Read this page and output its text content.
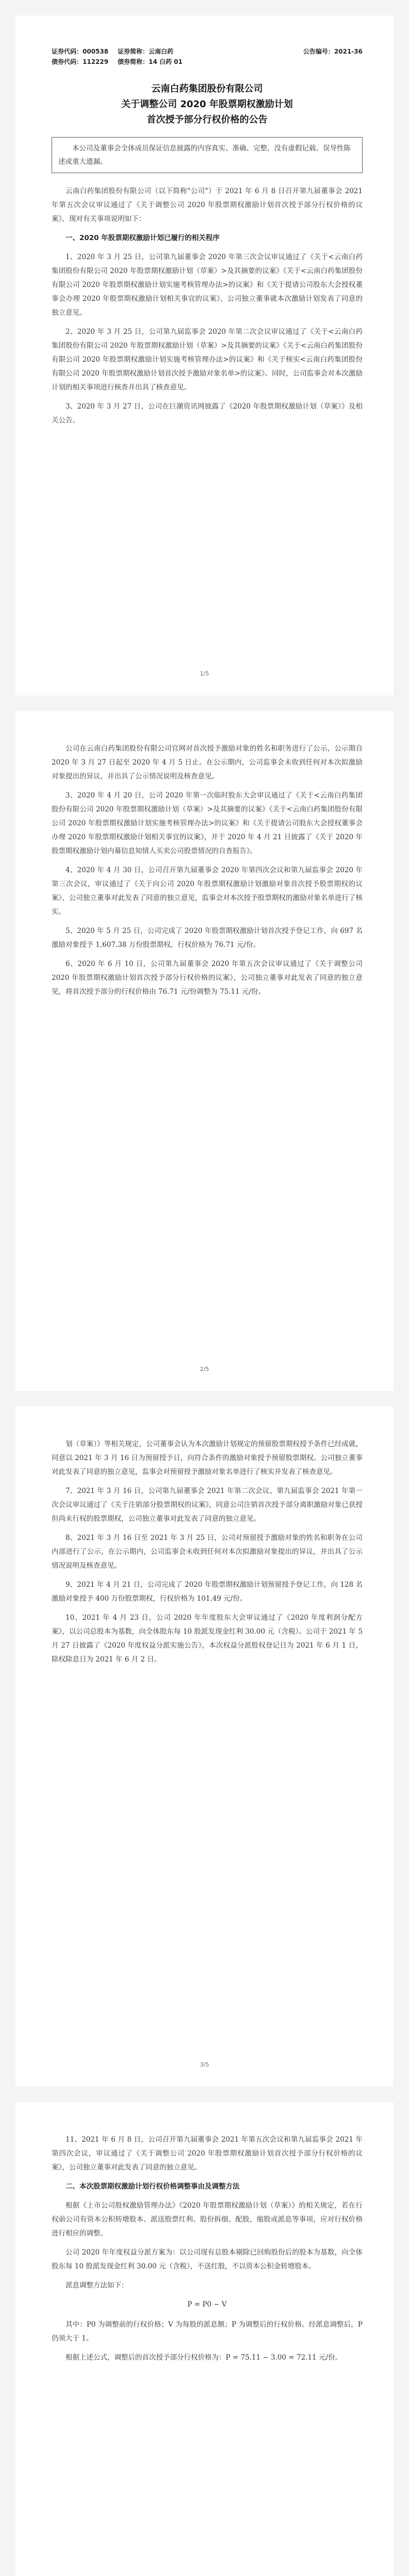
证券代码：000538 证券简称：云南白药	公告编号：2021-36
债券代码：112229 债券简称：14 白药 01
云南白药集团股份有限公司
关于调整公司 2020 年股票期权激励计划
首次授予部分行权价格的公告
本公司及董事会全体成员保证信息披露的内容真实、准确、完整，没有虚假记载、误导性陈述或重大遗漏。

云南白药集团股份有限公司（以下简称"公司"）于 2021 年 6 月 8 日召开第九届董事会 2021 年第五次会议审议通过了《关于调整公司 2020 年股票期权激励计划首次授予部分行权价格的议案》，现对有关事项说明如下：

一、2020 年股票期权激励计划已履行的相关程序

1、2020 年 3 月 25 日，公司第九届董事会 2020 年第三次会议审议通过了《关于<云南白药集团股份有限公司 2020 年股票期权激励计划（草案）>及其摘要的议案》《关于<云南白药集团股份有限公司 2020 年股票期权激励计划实施考核管理办法>的议案》和《关于提请公司股东大会授权董事会办理 2020 年股票期权激励计划相关事宜的议案》，公司独立董事就本次激励计划发表了同意的独立意见。

2、2020 年 3 月 25 日，公司第九届监事会 2020 年第二次会议审议通过了《关于<云南白药集团股份有限公司 2020 年股票期权激励计划（草案）>及其摘要的议案》《关于<云南白药集团股份有限公司 2020 年股票期权激励计划实施考核管理办法>的议案》和《关于核实<云南白药集团股份有限公司 2020 年股票期权激励计划首次授予激励对象名单>的议案》。同时，公司监事会对本次激励计划的相关事项进行核查并出具了核查意见。

3、2020 年 3 月 27 日，公司在巨潮资讯网披露了《2020 年股票期权激励计划（草案）》及相关公告。

1/5

公司在云南白药集团股份有限公司官网对首次授予激励对象的姓名和职务进行了公示，公示期自 2020 年 3 月 27 日起至 2020 年 4 月 5 日止。在公示期内，公司监事会未收到任何对本次拟激励对象提出的异议，并出具了公示情况说明及核查意见。

3、2020 年 4 月 20 日，公司 2020 年第一次临时股东大会审议通过了《关于<云南白药集团股份有限公司 2020 年股票期权激励计划（草案）>及其摘要的议案》《关于<云南白药集团股份有限公司 2020 年股票期权激励计划实施考核管理办法>的议案》和《关于提请公司股东大会授权董事会办理 2020 年股票期权激励计划相关事宜的议案》，并于 2020 年 4 月 21 日披露了《关于 2020 年股票期权激励计划内幕信息知情人买卖公司股票情况的自查报告》。

4、2020 年 4 月 30 日，公司召开第九届董事会 2020 年第四次会议和第九届监事会 2020 年第三次会议，审议通过了《关于向公司 2020 年股票期权激励计划激励对象首次授予股票期权的议案》，公司独立董事对此发表了同意的独立意见，监事会对本次授予股票期权的激励对象名单进行了核实。

5、2020 年 5 月 25 日，公司完成了 2020 年股票期权激励计划首次授予登记工作，向 697 名激励对象授予 1,607.38 万份股票期权，行权价格为 76.71 元/份。

6、2020 年 6 月 10 日，公司第九届董事会 2020 年第五次会议审议通过了《关于调整公司 2020 年股票期权激励计划首次授予部分行权价格的议案》，公司独立董事对此发表了同意的独立意见，将首次授予部分的行权价格由 76.71 元/份调整为 75.11 元/份。

2/5

划（草案）》等相关规定，公司董事会认为本次激励计划规定的预留股票期权授予条件已经成就，同意以 2021 年 3 月 16 日为预留授予日，向符合条件的激励对象授予预留股票期权。公司独立董事对此发表了同意的独立意见，监事会对预留授予激励对象名单进行了核实并发表了核查意见。

7、2021 年 3 月 16 日，公司第九届董事会 2021 年第二次会议、第九届监事会 2021 年第一次会议审议通过了《关于注销部分股票期权的议案》，同意公司注销首次授予部分离职激励对象已获授但尚未行权的股票期权，公司独立董事对此发表了同意的独立意见。

8、2021 年 3 月 16 日至 2021 年 3 月 25 日，公司对预留授予激励对象的姓名和职务在公司内部进行了公示，在公示期内，公司监事会未收到任何对本次拟激励对象提出的异议，并出具了公示情况说明及核查意见。

9、2021 年 4 月 21 日，公司完成了 2020 年股票期权激励计划预留授予登记工作，向 128 名激励对象授予 400 万份股票期权，行权价格为 101.49 元/份。

10、2021 年 4 月 23 日，公司 2020 年年度股东大会审议通过了《2020 年度利润分配方案》，以公司总股本为基数，向全体股东每 10 股派发现金红利 30.00 元（含税）。公司于 2021 年 5 月 27 日披露了《2020 年度权益分派实施公告》，本次权益分派股权登记日为 2021 年 6 月 1 日，除权除息日为 2021 年 6 月 2 日。

3/5

11、2021 年 6 月 8 日，公司召开第九届董事会 2021 年第五次会议和第九届监事会 2021 年第四次会议，审议通过了《关于调整公司 2020 年股票期权激励计划首次授予部分行权价格的议案》，公司独立董事对此发表了同意的独立意见。

二、本次股票期权激励计划行权价格调整事由及调整方法

根据《上市公司股权激励管理办法》《2020 年股票期权激励计划（草案）》的相关规定，若在行权前公司有资本公积转增股本、派送股票红利、股份拆细、配股、缩股或派息等事项，应对行权价格进行相应的调整。

公司 2020 年年度权益分派方案为：以公司现有总股本剔除已回购股份后的股本为基数，向全体股东每 10 股派发现金红利 30.00 元（含税），不送红股，不以资本公积金转增股本。

派息调整方法如下：

P = P0 − V

其中：P0 为调整前的行权价格；V 为每股的派息额；P 为调整后的行权价格。经派息调整后，P 仍须大于 1。

根据上述公式，调整后的首次授予部分行权价格为：P = 75.11 − 3.00 = 72.11 元/份。
